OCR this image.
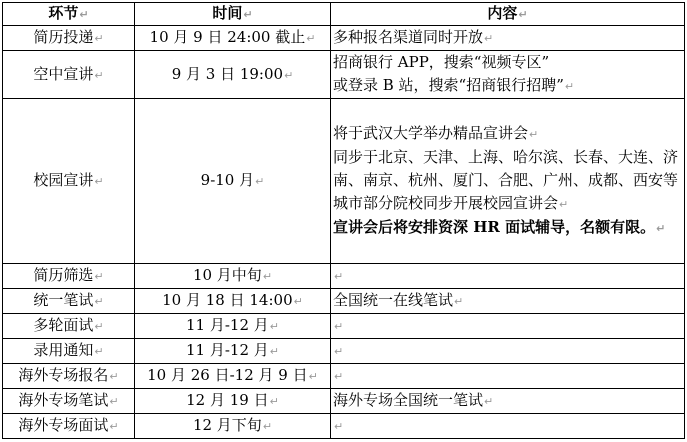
环节↵	时间↵	内容↵
简历投递↵	10 月 9 日 24:00 截止↵	多种报名渠道同时开放↵
空中宣讲↵	9 月 3 日 19:00↵	招商银行 APP，搜索“视频专区”
或登录 B 站，搜索“招商银行招聘”↵

校园宣讲↵	9-10 月↵	将于武汉大学举办精品宣讲会↵
同步于北京、天津、上海、哈尔滨、长春、大连、济南、南京、杭州、厦门、合肥、广州、成都、西安等城市部分院校同步开展校园宣讲会↵
宣讲会后将安排资深 HR 面试辅导，名额有限。↵

简历筛选↵	10 月中旬↵	↵
统一笔试↵	10 月 18 日 14:00↵	全国统一在线笔试↵
多轮面试↵	11 月-12 月↵	↵
录用通知↵	11 月-12 月↵	↵
海外专场报名↵	10 月 26 日-12 月 9 日↵	↵
海外专场笔试↵	12 月 19 日↵	海外专场全国统一笔试↵
海外专场面试↵	12 月下旬↵	↵
